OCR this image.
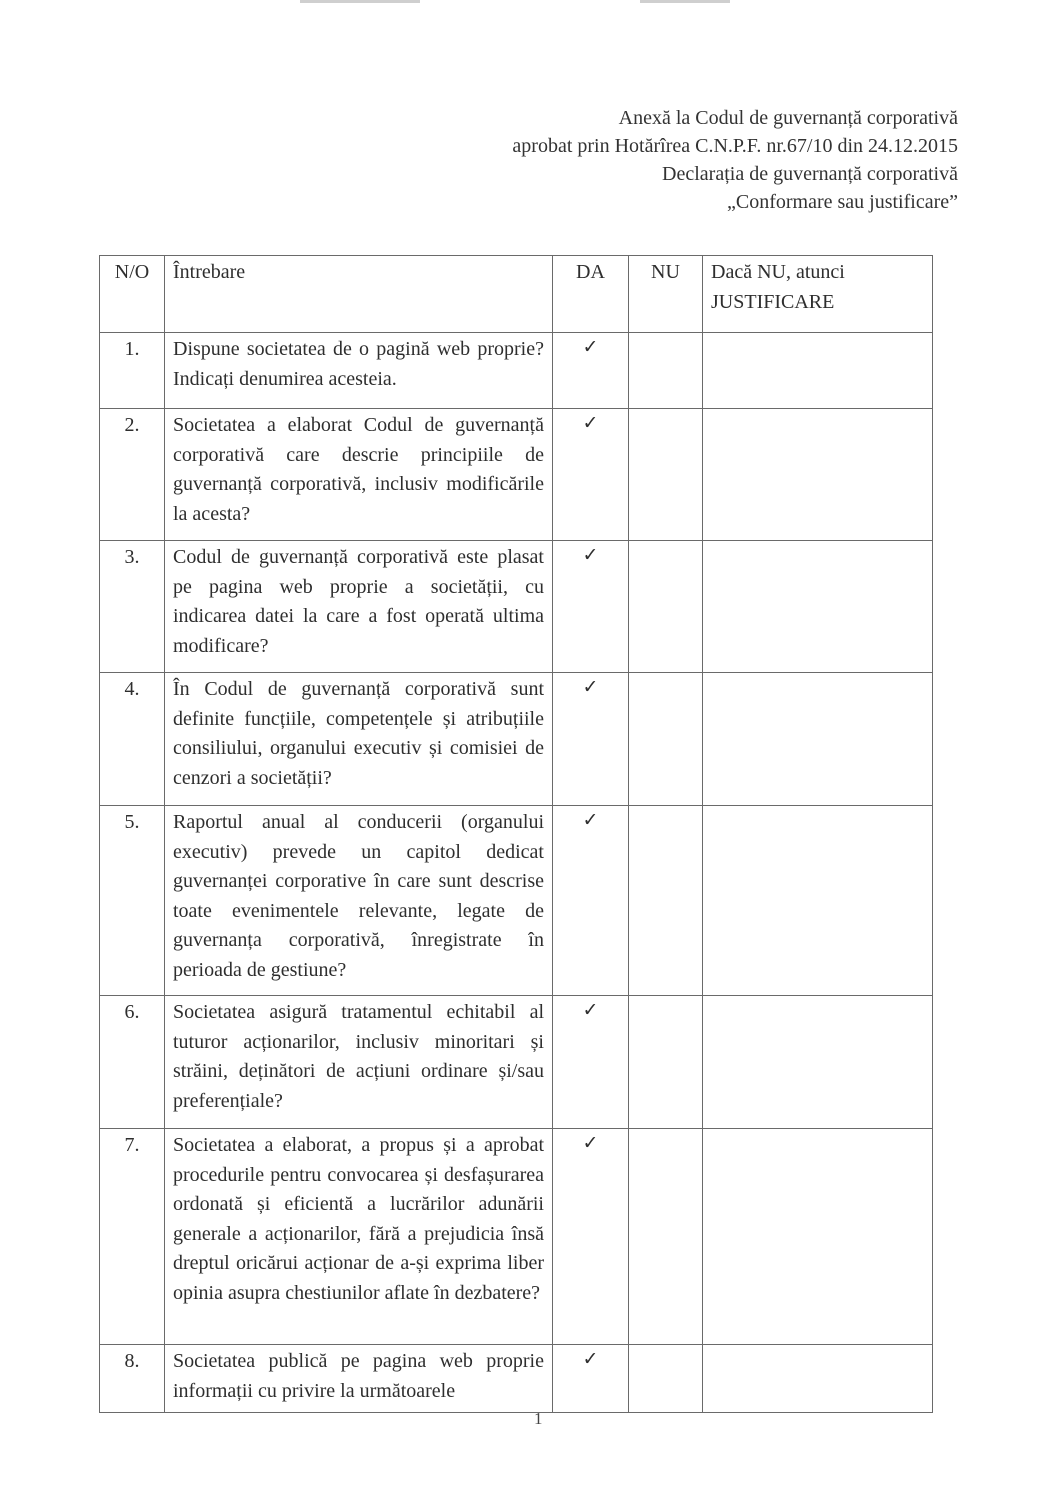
Anexă la Codul de guvernanță corporativă
aprobat prin Hotărîrea C.N.P.F. nr.67/10 din 24.12.2015
Declarația de guvernanță corporativă
„Conformare sau justificare”
N/O	Întrebare	DA	NU	Dacă NU, atunci JUSTIFICARE
1.	Dispune societatea de o pagină web proprie? Indicați denumirea acesteia.	✓		
2.	Societatea a elaborat Codul de guvernanță corporativă care descrie principiile de guvernanță corporativă, inclusiv modificările la acesta?	✓		
3.	Codul de guvernanță corporativă este plasat pe pagina web proprie a societății, cu indicarea datei la care a fost operată ultima modificare?	✓		
4.	În Codul de guvernanță corporativă sunt definite funcțiile, competențele și atribuțiile consiliului, organului executiv și comisiei de cenzori a societății?	✓		
5.	Raportul anual al conducerii (organului executiv) prevede un capitol dedicat guvernanței corporative în care sunt descrise toate evenimentele relevante, legate de guvernanța corporativă, înregistrate în perioada de gestiune?	✓		
6.	Societatea asigură tratamentul echitabil al tuturor acționarilor, inclusiv minoritari și străini, deținători de acțiuni ordinare și/sau preferențiale?	✓		
7.	Societatea a elaborat, a propus și a aprobat procedurile pentru convocarea și desfașurarea ordonată și eficientă a lucrărilor adunării generale a acționarilor, fără a prejudicia însă dreptul oricărui acționar de a-și exprima liber opinia asupra chestiunilor aflate în dezbatere?	✓		
8.	Societatea publică pe pagina web proprie informații cu privire la următoarele	✓		
1
